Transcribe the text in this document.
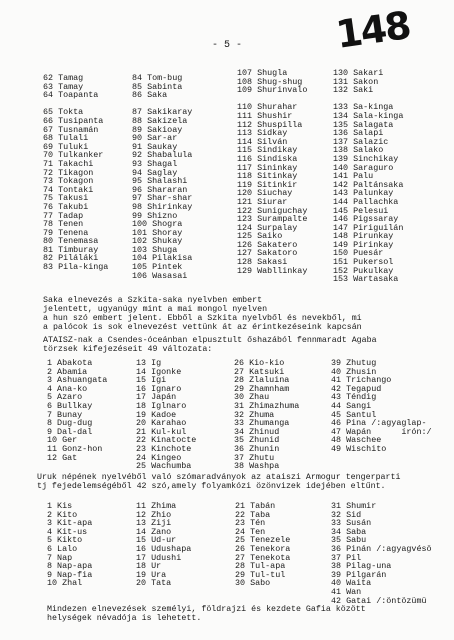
148
- 5 -
62 Tamag
63 Tamay
64 Toapanta
65 Tokta
66 Tusipanta
67 Tusnamán
68 Tulali
69 Tuluki
70 Tulkanker
71 Takachi
72 Tikagon
73 Tokagon
74 Tontaki
75 Takusi
76 Takubi
77 Tadap
78 Tenen
79 Tenena
80 Tenemasa
81 Timburay
82 Piláláki
83 Pila-kinga
84 Tom-bug
85 Sabinta
86 Saka
87 Sakikaray
88 Sakizela
89 Sakioay
90 Sar-ar
91 Saukay
92 Shabalula
93 Shagal
94 Saglay
95 Shalashi
96 Shararan
97 Shar-shar
98 Shirinkay
99 Shizno
100 Shogra
101 Shoray
102 Shukay
103 Shuga
104 Pilakisa
105 Pintek
106 Wasasai
107 Shugla
108 Shug-shug
109 Shurinvalo
110 Shurahar
111 Shushir
112 Shuspilla
113 Sidkay
114 Silván
115 Sindikay
116 Sindiska
117 Sininkay
118 Sitinkay
119 Sitinkir
120 Siuchay
121 Siurar
122 Suniguchay
123 Surampalte
124 Surpalay
125 Saiko
126 Sakatero
127 Sakatoro
128 Sakasi
129 Wabllinkay
130 Sakari
131 Sakon
132 Saki
133 Sa-kinga
134 Sala-kinga
135 Salagata
136 Salapi
137 Salazic
138 Salako
139 Sinchikay
140 Saraguro
141 Palu
142 Paltánsaka
143 Palunkay
144 Pallachka
145 Pelesui
146 Pigssaray
147 Piriguilán
148 Pirunkay
149 Pirinkay
150 Puesár
151 Pukersol
152 Pukulkay
153 Wartasaka
Saka elnevezés a Szkita-saka nyelvben embert
jelentett, ugyanúgy mint a mai mongol nyelven
a hun szó embert jelent. Ebből a Szkita nyelvből és nevekből, mi
a palócok is sok elnevezést vettünk át az érintkezéseink kapcsán
ATAISZ-nak a Csendes-óceánban elpusztult őshazából fennmaradt Agaba
törzsek kifejezéseit 49 változata:
1 Abakota
2 Abamia
3 Ashuangata
4 Ana-ko
5 Azaro
6 Bullkay
7 Bunay
8 Dug-dug
9 Dal-dal
10 Ger
11 Gonz-hon
12 Gat
13 Ig
14 Igonke
15 Igi
16 Ignaro
17 Japán
18 Iglnaro
19 Kadoe
20 Karahao
21 Kul-kul
22 Kinatocte
23 Kinchote
24 Kingeo
25 Wachumba
26 Kio-kio
27 Katsuki
28 Zlaluina
29 Zhamnham
30 Zhau
31 Zhimazhuma
32 Zhuma
33 Zhumanga
34 Zhinud
35 Zhunid
36 Zhunin
37 Zhutu
38 Washpa
39 Zhutug
40 Zhusin
41 Trichango
42 Tegapud
43 Téndig
44 Sangi
45 Santul
46 Pina /:agyaglap-
47 Wapán      írón:/
48 Waschee
49 Wischito
Uruk népének nyelvéből való szómaradványok az ataiszi Armogur tengerparti
tj fejedelemségéből 42 szó,amely folyamkózi özönvizek idejében eltűnt.
1 Kis
2 Kito
3 Kit-apa
4 Kit-us
5 Kikto
6 Lalo
7 Nap
8 Nap-apa
9 Nap-fia
10 Zhal
11 Zhima
12 Zhio
13 Ziji
14 Zano
15 Ud-ur
16 Udushapa
17 Udushi
18 Ur
19 Ura
20 Tata
21 Tabán
22 Taba
23 Tén
24 Ten
25 Tenezele
26 Tenekora
27 Tenekota
28 Tul-apa
29 Tul-tul
30 Sabo
31 Shumir
32 Sid
33 Susán
34 Saba
35 Sabu
36 Pinán /:agyagvésö
37 Pil
38 Pilag-una
39 Pilgarán
40 Waita
41 Wan
42 Gatai /:öntözümü
Mindezen elnevezések személyi, földrajzi és kezdete Gafia között
helységek névadója is lehetett.
